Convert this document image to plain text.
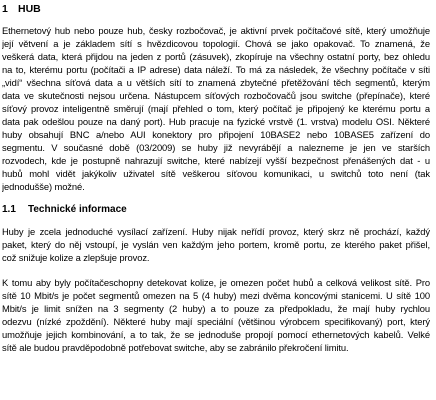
1 HUB
Ethernetový hub nebo pouze hub, česky rozbočovač, je aktivní prvek počítačové sítě, který umožňuje
její větvení a je základem sítí s hvězdicovou topologií. Chová se jako opakovač. To znamená, že
veškerá data, která přijdou na jeden z portů (zásuvek), zkopíruje na všechny ostatní porty, bez ohledu
na to, kterému portu (počítači a IP adrese) data náleží. To má za následek, že všechny počítače v síti
„vidí“ všechna síťová data a u větších sítí to znamená zbytečné přetěžování těch segmentů, kterým
data ve skutečnosti nejsou určena. Nástupcem síťových rozbočovačů jsou switche (přepínače), které
síťový provoz inteligentně směrují (mají přehled o tom, který počítač je připojený ke kterému portu a
data pak odešlou pouze na daný port). Hub pracuje na fyzické vrstvě (1. vrstva) modelu OSI. Některé
huby obsahují BNC a/nebo AUI konektory pro připojení 10BASE2 nebo 10BASE5 zařízení do
segmentu. V současné době (03/2009) se huby již nevyrábějí a nalezneme je jen ve starších
rozvodech, kde je postupně nahrazují switche, které nabízejí vyšší bezpečnost přenášených dat - u
hubů mohl vidět jakýkoliv uživatel sítě veškerou síťovou komunikaci, u switchů toto není (tak
jednodušše) možné.
1.1 Technické informace
Huby je zcela jednoduché vysílací zařízení. Huby nijak neřídí provoz, který skrz ně prochází, každý
paket, který do něj vstoupí, je vyslán ven každým jeho portem, kromě portu, ze kterého paket přišel,
což snižuje kolize a zlepšuje provoz.
K tomu aby byly počítačeschopny detekovat kolize, je omezen počet hubů a celková velikost sítě. Pro
sítě 10 Mbit/s je počet segmentů omezen na 5 (4 huby) mezi dvěma koncovými stanicemi. U sítě 100
Mbit/s je limit snížen na 3 segmenty (2 huby) a to pouze za předpokladu, že mají huby rychlou
odezvu (nízké zpoždění). Některé huby mají speciální (většinou výrobcem specifikovaný) port, který
umožňuje jejich kombinování, a to tak, že se jednoduše propojí pomocí ethernetových kabelů. Velké
sítě ale budou pravděpodobně potřebovat switche, aby se zabránilo překročení limitu.
